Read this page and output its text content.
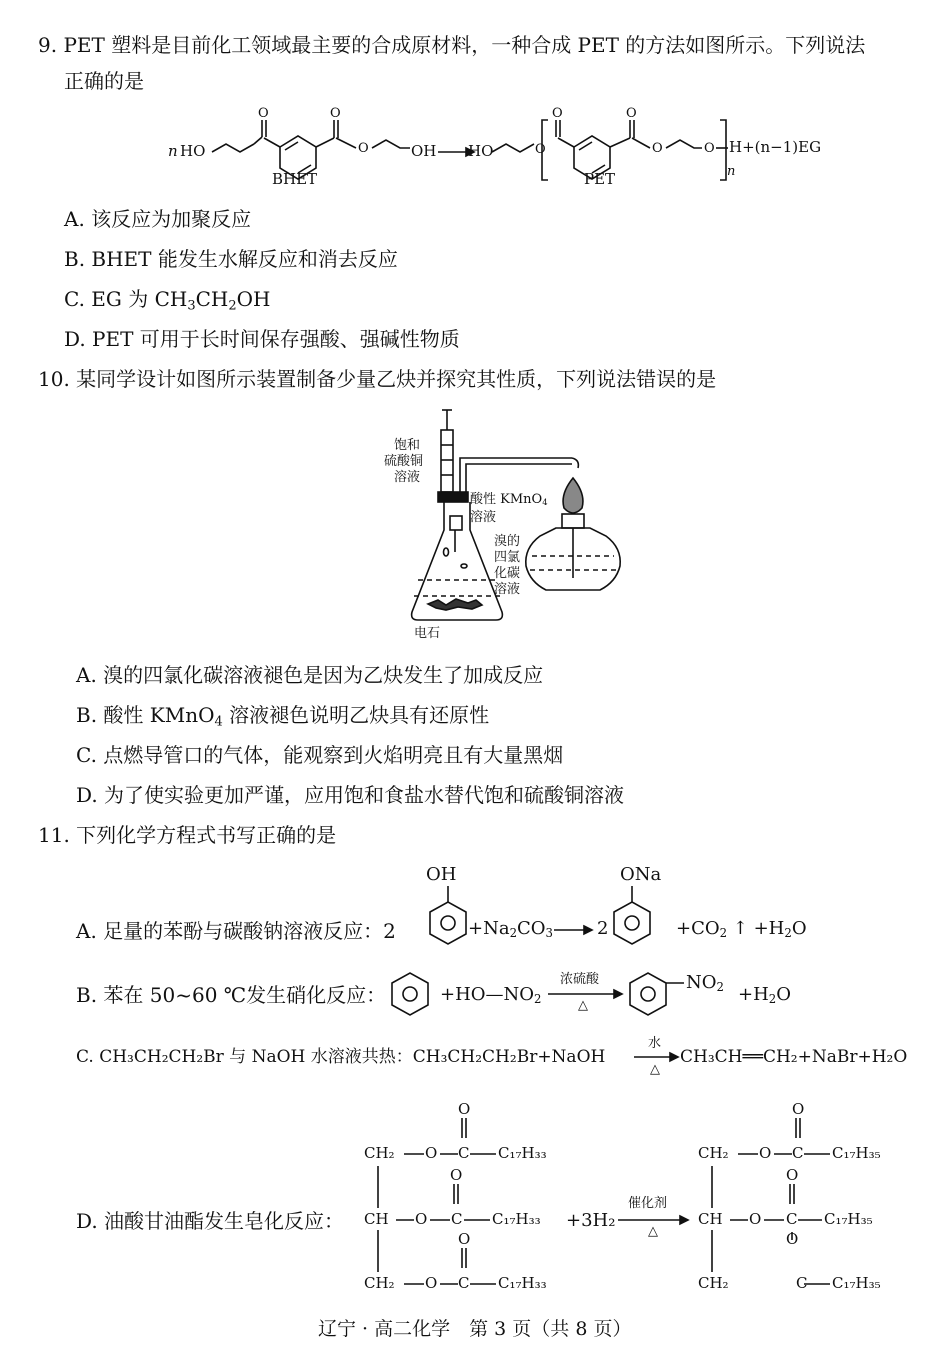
9. PET 塑料是目前化工领域最主要的合成原材料，一种合成 PET 的方法如图所示。下列说法
正确的是
n HO
O	O
O	OH
BHET
HO	O
O	O
O	O
PET
H+(n−1)EG
n
A. 该反应为加聚反应
B. BHET 能发生水解反应和消去反应
C. EG 为 $CH_3CH_2OH$
D. PET 可用于长时间保存强酸、强碱性物质
10. 某同学设计如图所示装置制备少量乙炔并探究其性质，下列说法错误的是
饱和
硫酸铜
溶液
酸性 KMnO$_4$
溶液
溴的
四氯
化碳
溶液
电石
A. 溴的四氯化碳溶液褪色是因为乙炔发生了加成反应
B. 酸性 KMnO$_4$ 溶液褪色说明乙炔具有还原性
C. 点燃导管口的气体，能观察到火焰明亮且有大量黑烟
D. 为了使实验更加严谨，应用饱和食盐水替代饱和硫酸铜溶液
11. 下列化学方程式书写正确的是
A. 足量的苯酚与碳酸钠溶液反应：2
OH
$+Na_2CO_3$ 2
ONa
$+CO_2$ ↑ $+H_2O$
B. 苯在 50~60 ℃发生硝化反应：	$+HO—NO_2$
浓硫酸
△
$NO_2 +H_2O$
C. CH₃CH₂CH₂Br 与 NaOH 水溶液共热：CH₃CH₂CH₂Br+NaOH
水
△
CH₃CH══CH₂+NaBr+H₂O
D. 油酸甘油酯发生皂化反应：
O
CH₂ O C C₁₇H₃₃
O
CH O C C₁₇H₃₃
O
CH₂ O C C₁₇H₃₃
+3H₂
催化剂
△
O
CH₂ O C C₁₇H₃₅
O
CH O C C₁₇H₃₅
O
CH₂	C C₁₇H₃₅
辽宁 · 高二化学　第 3 页（共 8 页）
